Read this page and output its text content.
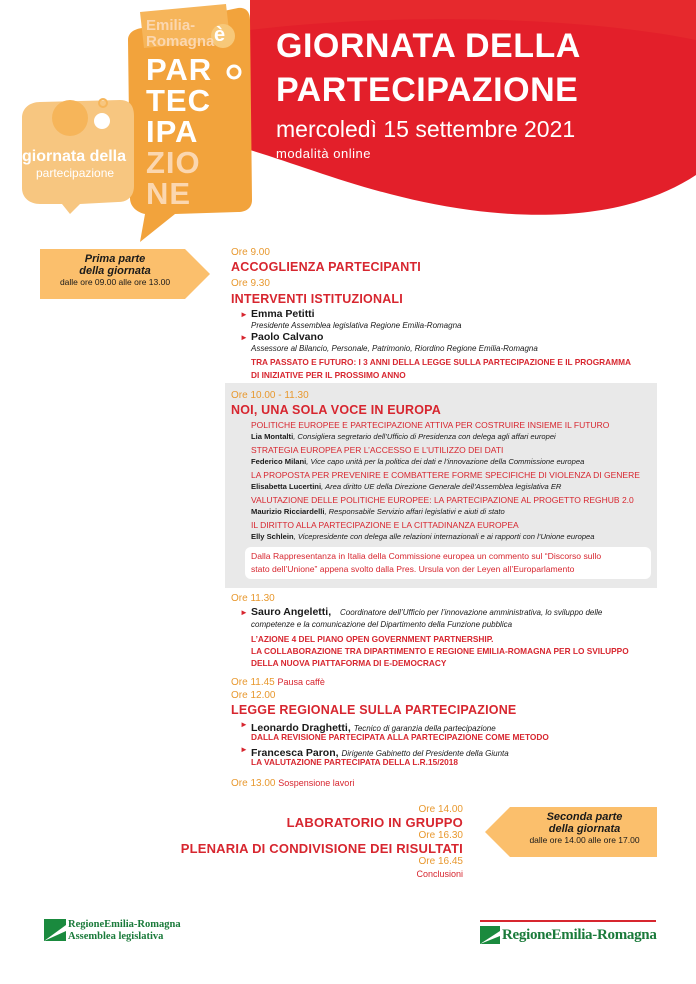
GIORNATA DELLA
PARTECIPAZIONE
mercoledì 15 settembre 2021
modalità online
Emilia-
Romagna è
PAR
TEC
IPA
ZIO
NE
giornata della
partecipazione
Prima parte
della giornata
dalle ore 09.00 alle ore 13.00
Ore 9.00
ACCOGLIENZA PARTECIPANTI
Ore 9.30
INTERVENTI ISTITUZIONALI
► Emma Petitti
Presidente Assemblea legislativa Regione Emilia-Romagna
► Paolo Calvano
Assessore al Bilancio, Personale, Patrimonio, Riordino Regione Emilia-Romagna
TRA PASSATO E FUTURO: I 3 ANNI DELLA LEGGE SULLA PARTECIPAZIONE E IL PROGRAMMA
DI INIZIATIVE PER IL PROSSIMO ANNO
Ore 10.00 - 11.30
NOI, UNA SOLA VOCE IN EUROPA
POLITICHE EUROPEE E PARTECIPAZIONE ATTIVA PER COSTRUIRE INSIEME IL FUTURO
Lia Montalti, Consigliera segretario dell’Ufficio di Presidenza con delega agli affari europei
STRATEGIA EUROPEA PER L’ACCESSO E L’UTILIZZO DEI DATI
Federico Milani, Vice capo unità per la politica dei dati e l’innovazione della Commissione europea
LA PROPOSTA PER PREVENIRE E COMBATTERE FORME SPECIFICHE DI VIOLENZA DI GENERE
Elisabetta Lucertini, Area diritto UE della Direzione Generale dell’Assemblea legislativa ER
VALUTAZIONE DELLE POLITICHE EUROPEE: LA PARTECIPAZIONE AL PROGETTO REGHUB 2.0
Maurizio Ricciardelli, Responsabile Servizio affari legislativi e aiuti di stato
IL DIRITTO ALLA PARTECIPAZIONE E LA CITTADINANZA EUROPEA
Elly Schlein, Vicepresidente con delega alle relazioni internazionali e ai rapporti con l’Unione europea
Dalla Rappresentanza in Italia della Commissione europea un commento sul “Discorso sullo
stato dell’Unione” appena svolto dalla Pres. Ursula von der Leyen all’Europarlamento
Ore 11.30
► Sauro Angeletti, Coordinatore dell’Ufficio per l’innovazione amministrativa, lo sviluppo delle
competenze e la comunicazione del Dipartimento della Funzione pubblica
L’AZIONE 4 DEL PIANO OPEN GOVERNMENT PARTNERSHIP.
LA COLLABORAZIONE TRA DIPARTIMENTO E REGIONE EMILIA-ROMAGNA PER LO SVILUPPO
DELLA NUOVA PIATTAFORMA DI E-DEMOCRACY
Ore 11.45 Pausa caffè
Ore 12.00
LEGGE REGIONALE SULLA PARTECIPAZIONE
► Leonardo Draghetti, Tecnico di garanzia della partecipazione
DALLA REVISIONE PARTECIPATA ALLA PARTECIPAZIONE COME METODO
► Francesca Paron, Dirigente Gabinetto del Presidente della Giunta
LA VALUTAZIONE PARTECIPATA DELLA L.R.15/2018
Ore 13.00 Sospensione lavori
Ore 14.00
LABORATORIO IN GRUPPO
Ore 16.30
PLENARIA DI CONDIVISIONE DEI RISULTATI
Ore 16.45
Conclusioni
Seconda parte
della giornata
dalle ore 14.00 alle ore 17.00
RegioneEmilia-Romagna
Assemblea legislativa	RegioneEmilia-Romagna
